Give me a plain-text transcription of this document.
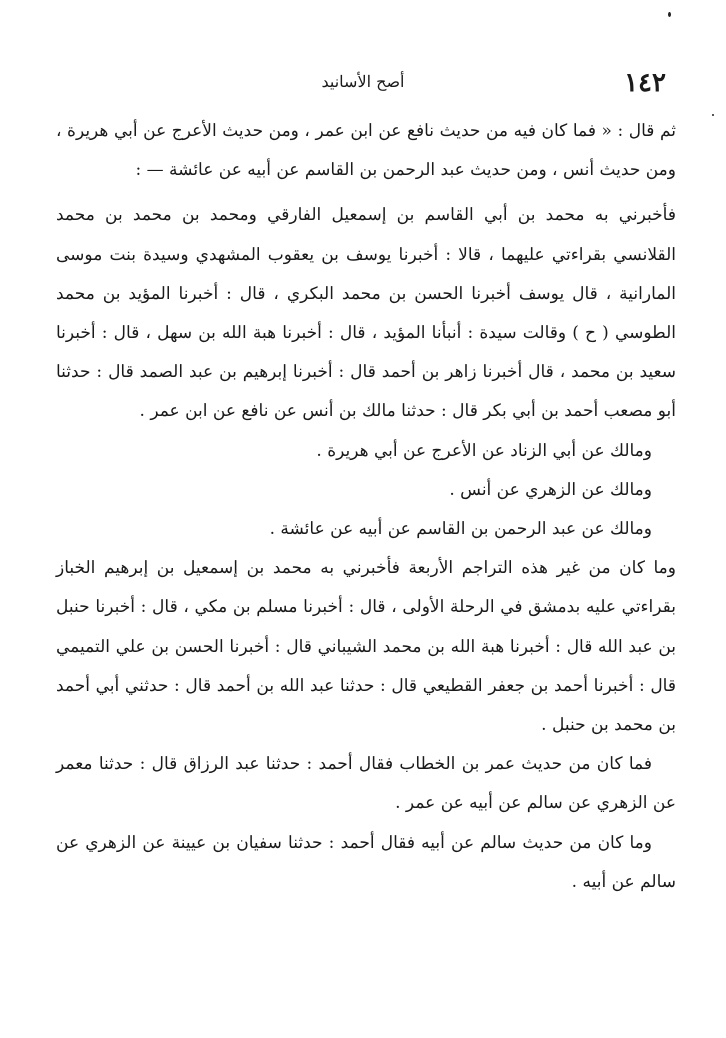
١٤٢
أصح الأسانيد

ثم قال : « فما كان فيه من حديث نافع عن ابن عمر ، ومن حديث الأعرج عن أبي هريرة ، ومن حديث أنس ، ومن حديث عبد الرحمن بن القاسم عن أبيه عن عائشة — :

فأخبرني به محمد بن أبي القاسم بن إسمعيل الفارقي ومحمد بن محمد بن محمد القلانسي بقراءتي عليهما ، قالا : أخبرنا يوسف بن يعقوب المشهدي وسيدة بنت موسى المارانية ، قال يوسف أخبرنا الحسن بن محمد البكري ، قال : أخبرنا المؤيد بن محمد الطوسي ( ح ) وقالت سيدة : أنبأنا المؤيد ، قال : أخبرنا هبة الله بن سهل ، قال : أخبرنا سعيد بن محمد ، قال أخبرنا زاهر بن أحمد قال : أخبرنا إبرهيم بن عبد الصمد قال : حدثنا أبو مصعب أحمد بن أبي بكر قال : حدثنا مالك بن أنس عن نافع عن ابن عمر .

ومالك عن أبي الزناد عن الأعرج عن أبي هريرة .

ومالك عن الزهري عن أنس .

ومالك عن عبد الرحمن بن القاسم عن أبيه عن عائشة .

وما كان من غير هذه التراجم الأربعة فأخبرني به محمد بن إسمعيل بن إبرهيم الخباز بقراءتي عليه بدمشق في الرحلة الأولى ، قال : أخبرنا مسلم بن مكي ، قال : أخبرنا حنبل بن عبد الله قال : أخبرنا هبة الله بن محمد الشيباني قال : أخبرنا الحسن بن علي التميمي قال : أخبرنا أحمد بن جعفر القطيعي قال : حدثنا عبد الله بن أحمد قال : حدثني أبي أحمد بن محمد بن حنبل .

فما كان من حديث عمر بن الخطاب فقال أحمد : حدثنا عبد الرزاق قال : حدثنا معمر عن الزهري عن سالم عن أبيه عن عمر .

وما كان من حديث سالم عن أبيه فقال أحمد : حدثنا سفيان بن عيينة عن الزهري عن سالم عن أبيه .
